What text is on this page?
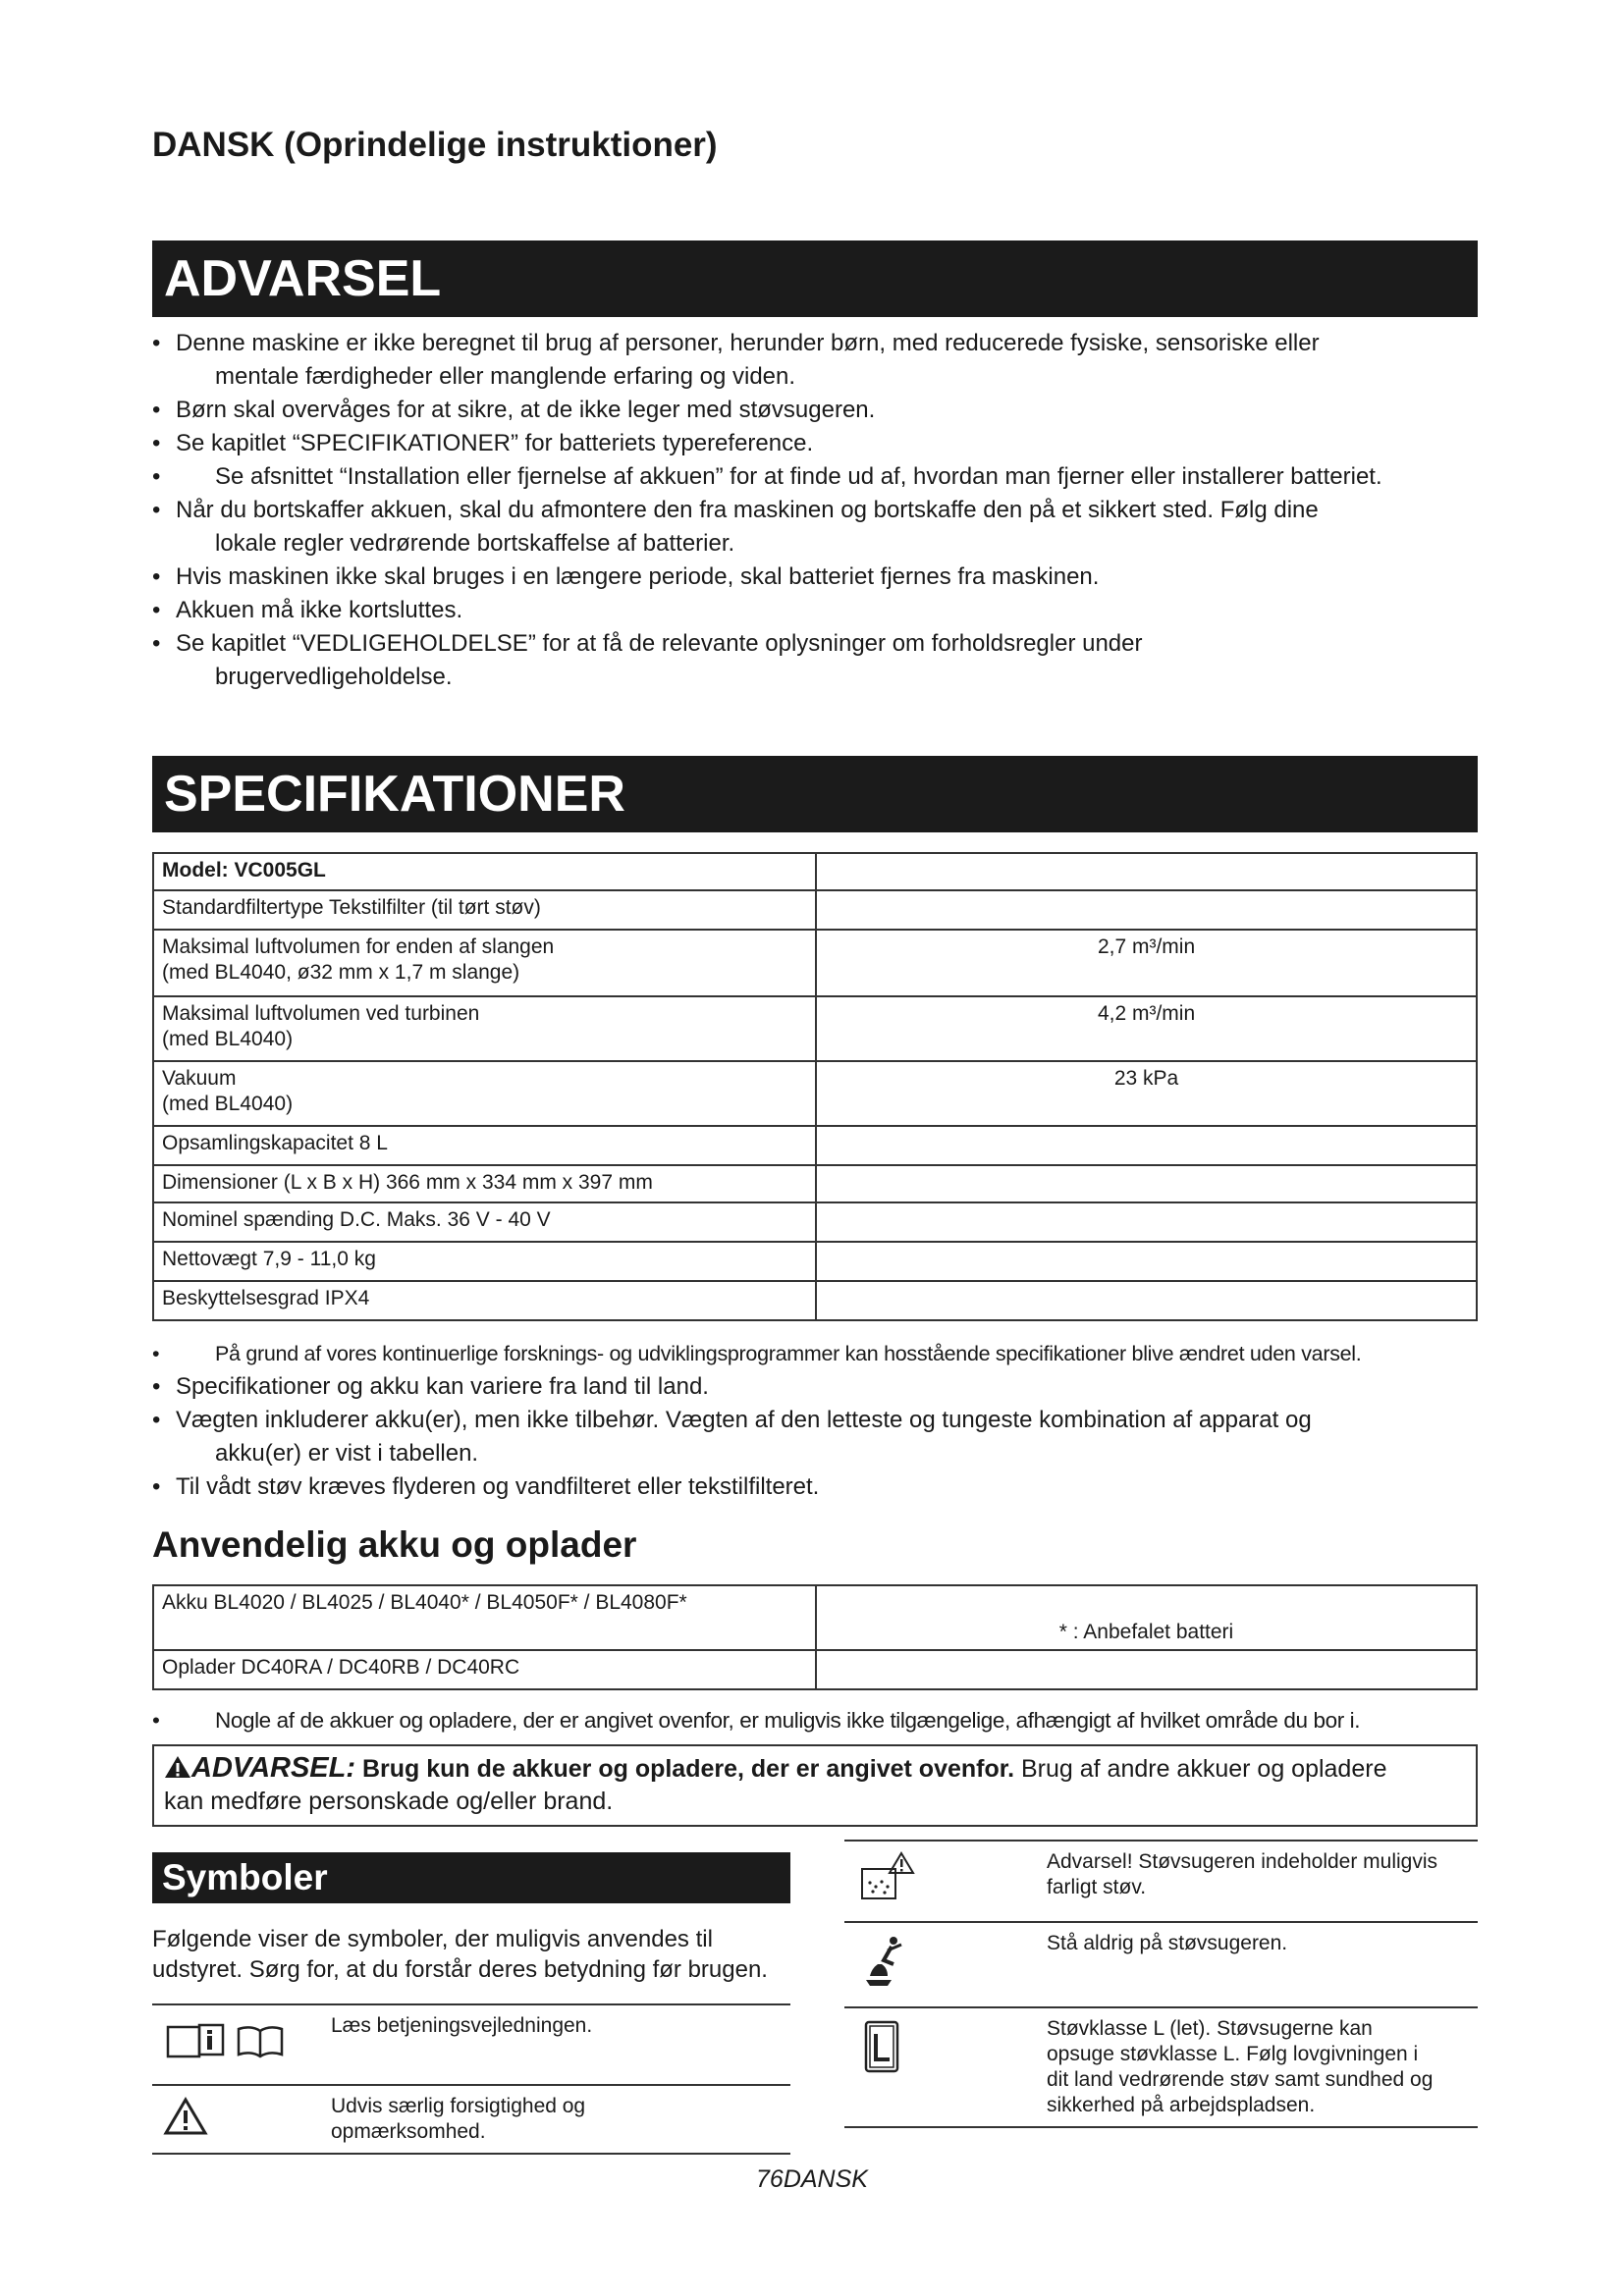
DANSK (Oprindelige instruktioner)
ADVARSEL
• Denne maskine er ikke beregnet til brug af personer, herunder børn, med reducerede fysiske, sensoriske eller
mentale færdigheder eller manglende erfaring og viden.
• Børn skal overvåges for at sikre, at de ikke leger med støvsugeren.
• Se kapitlet “SPECIFIKATIONER” for batteriets typereference.
•	Se afsnittet “Installation eller fjernelse af akkuen” for at finde ud af, hvordan man fjerner eller installerer batteriet.
• Når du bortskaffer akkuen, skal du afmontere den fra maskinen og bortskaffe den på et sikkert sted. Følg dine
lokale regler vedrørende bortskaffelse af batterier.
• Hvis maskinen ikke skal bruges i en længere periode, skal batteriet fjernes fra maskinen.
• Akkuen må ikke kortsluttes.
• Se kapitlet “VEDLIGEHOLDELSE” for at få de relevante oplysninger om forholdsregler under
brugervedligeholdelse.
SPECIFIKATIONER
Model: VC005GL	
Standardfiltertype Tekstilfilter (til tørt støv)	
Maksimal luftvolumen for enden af slangen
(med BL4040, ø32 mm x 1,7 m slange)	2,7 m³/min
Maksimal luftvolumen ved turbinen
(med BL4040)	4,2 m³/min
Vakuum
(med BL4040)	23 kPa
Opsamlingskapacitet 8 L	
Dimensioner (L x B x H) 366 mm x 334 mm x 397 mm	
Nominel spænding D.C. Maks. 36 V - 40 V	
Nettovægt 7,9 - 11,0 kg	
Beskyttelsesgrad IPX4	
•	På grund af vores kontinuerlige forsknings- og udviklingsprogrammer kan hosstående specifikationer blive ændret uden varsel.
• Specifikationer og akku kan variere fra land til land.
• Vægten inkluderer akku(er), men ikke tilbehør. Vægten af den letteste og tungeste kombination af apparat og
akku(er) er vist i tabellen.
• Til vådt støv kræves flyderen og vandfilteret eller tekstilfilteret.
Anvendelig akku og oplader
Akku BL4020 / BL4025 / BL4040* / BL4050F* / BL4080F*	* : Anbefalet batteri
Oplader DC40RA / DC40RB / DC40RC	
•	Nogle af de akkuer og opladere, der er angivet ovenfor, er muligvis ikke tilgængelige, afhængigt af hvilket område du bor i.
ADVARSEL: Brug kun de akkuer og opladere, der er angivet ovenfor. Brug af andre akkuer og opladere
kan medføre personskade og/eller brand.
Symboler
Følgende viser de symboler, der muligvis anvendes til
udstyret. Sørg for, at du forstår deres betydning før brugen.
	Læs betjeningsvejledningen.
	Udvis særlig forsigtighed og
opmærksomhed.
	Advarsel! Støvsugeren indeholder muligvis
farligt støv.
	Stå aldrig på støvsugeren.
	Støvklasse L (let). Støvsugerne kan
opsuge støvklasse L. Følg lovgivningen i
dit land vedrørende støv samt sundhed og
sikkerhed på arbejdspladsen.
76DANSK
